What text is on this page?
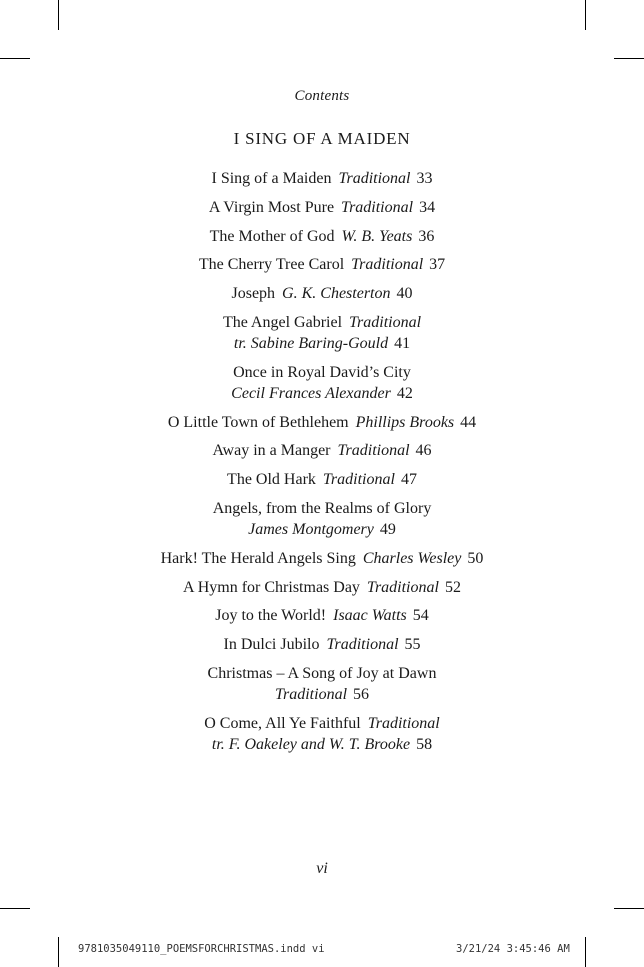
Contents
I SING OF A MAIDEN
I Sing of a Maiden Traditional 33
A Virgin Most Pure Traditional 34
The Mother of God W. B. Yeats 36
The Cherry Tree Carol Traditional 37
Joseph G. K. Chesterton 40
The Angel Gabriel Traditional
tr. Sabine Baring-Gould 41
Once in Royal David’s City
Cecil Frances Alexander 42
O Little Town of Bethlehem Phillips Brooks 44
Away in a Manger Traditional 46
The Old Hark Traditional 47
Angels, from the Realms of Glory
James Montgomery 49
Hark! The Herald Angels Sing Charles Wesley 50
A Hymn for Christmas Day Traditional 52
Joy to the World! Isaac Watts 54
In Dulci Jubilo Traditional 55
Christmas – A Song of Joy at Dawn
Traditional 56
O Come, All Ye Faithful Traditional
tr. F. Oakeley and W. T. Brooke 58
vi
9781035049110_POEMSFORCHRISTMAS.indd vi	3/21/24 3:45:46 AM
